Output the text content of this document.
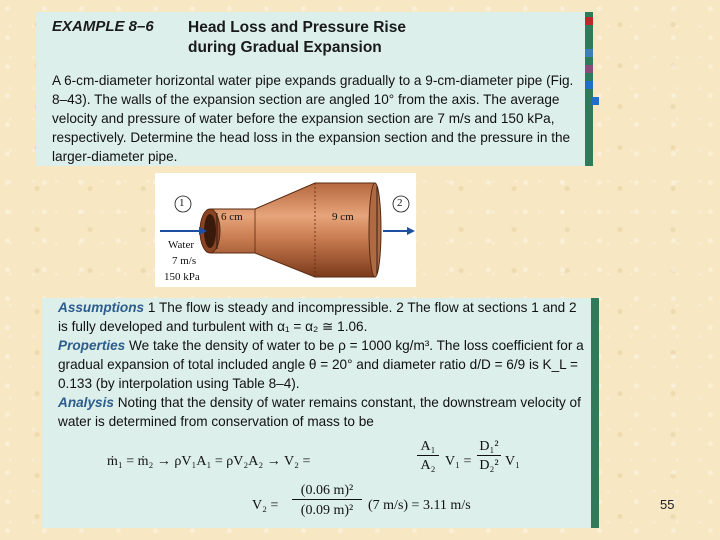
EXAMPLE 8–6 Head Loss and Pressure Rise
during Gradual Expansion
A 6-cm-diameter horizontal water pipe expands gradually to a 9-cm-diameter pipe (Fig. 8–43). The walls of the expansion section are angled 10° from the axis. The average velocity and pressure of water before the expansion section are 7 m/s and 150 kPa, respectively. Determine the head loss in the expansion section and the pressure in the larger-diameter pipe.
1	2
6 cm	9 cm
Water
7 m/s
150 kPa
Assumptions 1 The flow is steady and incompressible. 2 The flow at sections 1 and 2 is fully developed and turbulent with α₁ = α₂ ≅ 1.06.
Properties We take the density of water to be ρ = 1000 kg/m³. The loss coefficient for a gradual expansion of total included angle θ = 20° and diameter ratio d/D = 6/9 is K_L = 0.133 (by interpolation using Table 8–4).
Analysis Noting that the density of water remains constant, the downstream velocity of water is determined from conservation of mass to be
ṁ₁ = ṁ₂ → ρV₁A₁ = ρV₂A₂ → V₂ =
A₁
A₂ V₁ =
D₁²
D₂² V₁
V₂ =
(0.06 m)²
(0.09 m)²	(7 m/s) = 3.11 m/s	55
